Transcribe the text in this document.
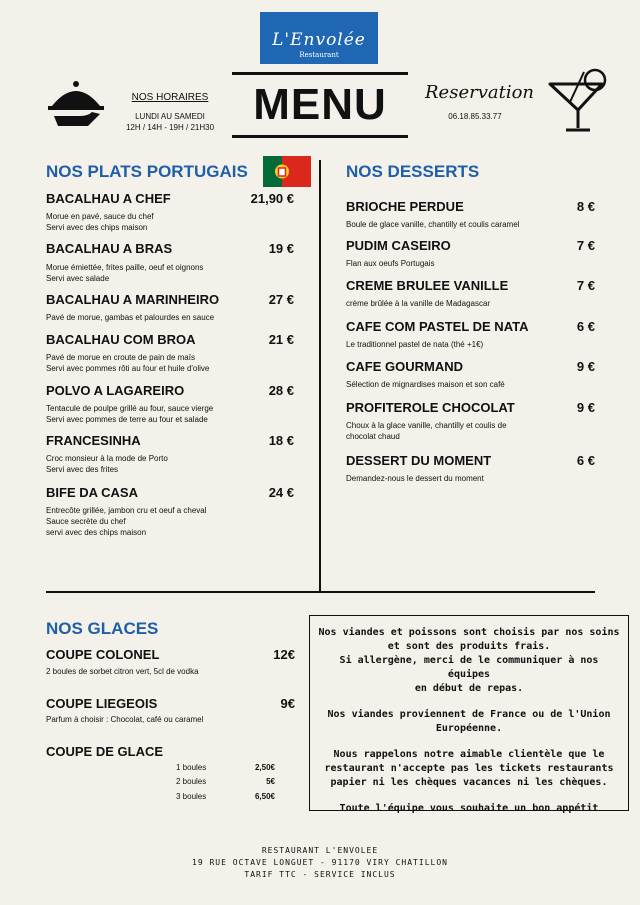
L'Envolée
Restaurant
NOS HORAIRES
LUNDI AU SAMEDI
12H / 14H - 19H / 21H30 MENU	Reservation
06.18.85.33.77
NOS PLATS PORTUGAIS
BACALHAU A CHEF	21,90 €
Morue en pavé, sauce du chef
Servi avec des chips maison
BACALHAU A BRAS	19 €
Morue émiettée, frites paille, oeuf et oignons
Servi avec salade
BACALHAU A MARINHEIRO	27 €
Pavé de morue, gambas et palourdes en sauce
BACALHAU COM BROA	21 €
Pavé de morue en croute de pain de maïs
Servi avec pommes rôti au four et huile d'olive
POLVO A LAGAREIRO	28 €
Tentacule de poulpe grillé au four, sauce vierge
Servi avec pommes de terre au four et salade
FRANCESINHA	18 €
Croc monsieur à la mode de Porto
Servi avec des frites
BIFE DA CASA	24 €
Entrecôte grillée, jambon cru et oeuf a cheval
Sauce secrète du chef
servi avec des chips maison
NOS DESSERTS
BRIOCHE PERDUE	8 €
Boule de glace vanille, chantilly et coulis caramel
PUDIM CASEIRO	7 €
Flan aux oeufs Portugais
CREME BRULEE VANILLE	7 €
crème brûlée à la vanille de Madagascar
CAFE COM PASTEL DE NATA	6 €
Le traditionnel pastel de nata (thé +1€)
CAFE GOURMAND	9 €
Sélection de mignardises maison et son café
PROFITEROLE CHOCOLAT	9 €
Choux à la glace vanille, chantilly et coulis de
chocolat chaud
DESSERT DU MOMENT	6 €
Demandez-nous le dessert du moment
NOS GLACES
COUPE COLONEL	12€
2 boules de sorbet citron vert, 5cl de vodka
COUPE LIEGEOIS	9€
Parfum à choisir : Chocolat, café ou caramel
COUPE DE GLACE
1 boules	2,50€
2 boules	5€
3 boules	6,50€

Nos viandes et poissons sont choisis par nos soins
et sont des produits frais.
Si allergène, merci de le communiquer à nos équipes
en début de repas.

Nos viandes proviennent de France ou de l'Union
Européenne.

Nous rappelons notre aimable clientèle que le
restaurant n'accepte pas les tickets restaurants
papier ni les chèques vacances ni les chèques.

Toute l'équipe vous souhaite un bon appétit

RESTAURANT L'ENVOLEE
19 RUE OCTAVE LONGUET - 91170 VIRY CHATILLON
TARIF TTC - SERVICE INCLUS
